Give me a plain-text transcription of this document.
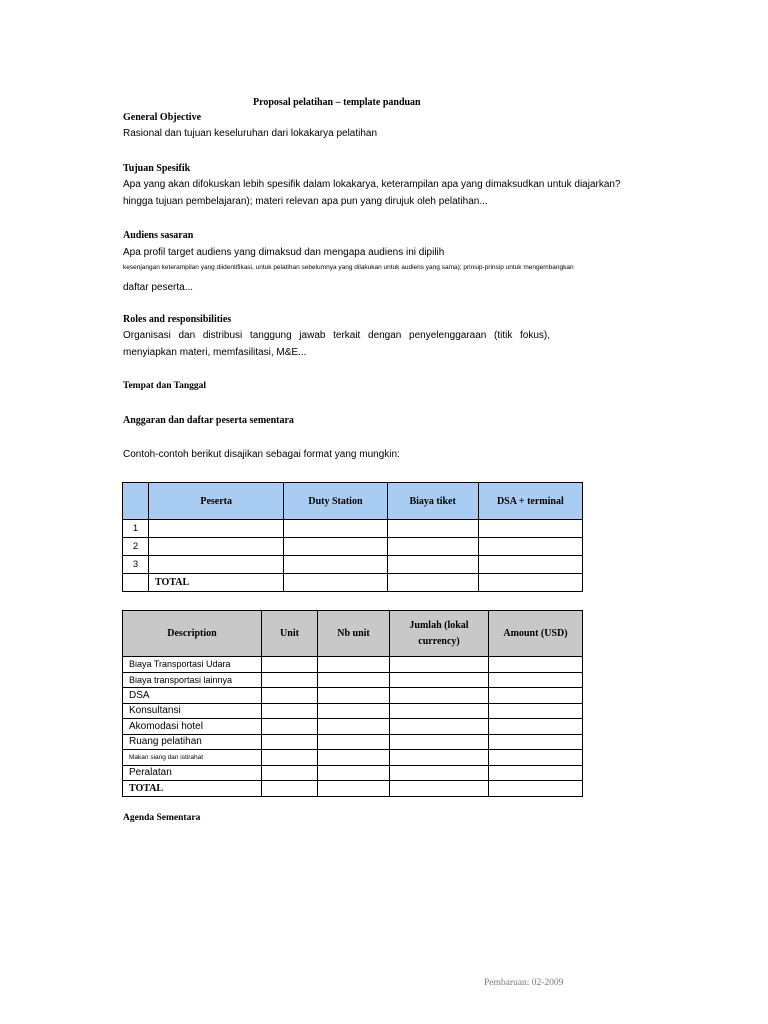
Proposal pelatihan – template panduan
General Objective
Rasional dan tujuan keseluruhan dari lokakarya pelatihan
Tujuan Spesifik
Apa yang akan difokuskan lebih spesifik dalam lokakarya, keterampilan apa yang dimaksudkan untuk diajarkan?
hingga tujuan pembelajaran); materi relevan apa pun yang dirujuk oleh pelatihan...
Audiens sasaran
Apa profil target audiens yang dimaksud dan mengapa audiens ini dipilih
kesenjangan keterampilan yang diidentifikasi, untuk pelatihan sebelumnya yang dilakukan untuk audiens yang sama); prinsip-prinsip untuk mengembangkan
daftar peserta...
Roles and responsibilities
Organisasi dan distribusi tanggung jawab terkait dengan penyelenggaraan (titik fokus),
menyiapkan materi, memfasilitasi, M&E...
Tempat dan Tanggal
Anggaran dan daftar peserta sementara
Contoh-contoh berikut disajikan sebagai format yang mungkin:
	Peserta	Duty Station	Biaya tiket	DSA + terminal
1				
2				
3				
	TOTAL			
Description	Unit	Nb unit	Jumlah (lokal currency)	Amount (USD)
Biaya Transportasi Udara				
Biaya transportasi lainnya				
DSA				
Konsultansi				
Akomodasi hotel				
Ruang pelatihan				
Makan siang dan istirahat				
Peralatan				
TOTAL				
Agenda Sementara
Pembaruan: 02-2009
